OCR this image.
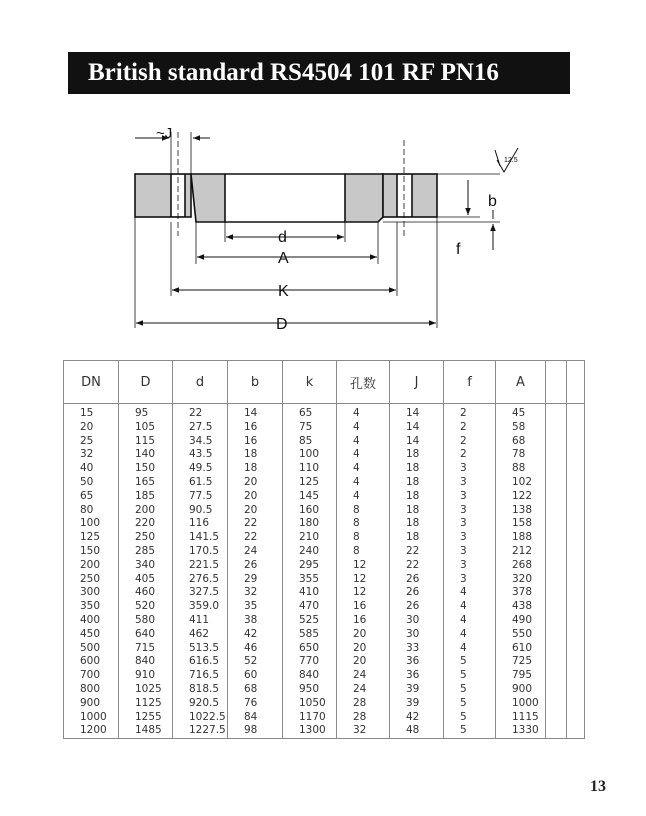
British standard RS4504 101 RF PN16
12.5
~J
b
f
d
A
K
D
DN	D	d	b	k	孔数	J	f	A		
15	95	22	14	65	4	14	2	45		
20	105	27.5	16	75	4	14	2	58		
25	115	34.5	16	85	4	14	2	68		
32	140	43.5	18	100	4	18	2	78		
40	150	49.5	18	110	4	18	3	88		
50	165	61.5	20	125	4	18	3	102		
65	185	77.5	20	145	4	18	3	122		
80	200	90.5	20	160	8	18	3	138		
100	220	116	22	180	8	18	3	158		
125	250	141.5	22	210	8	18	3	188		
150	285	170.5	24	240	8	22	3	212		
200	340	221.5	26	295	12	22	3	268		
250	405	276.5	29	355	12	26	3	320		
300	460	327.5	32	410	12	26	4	378		
350	520	359.0	35	470	16	26	4	438		
400	580	411	38	525	16	30	4	490		
450	640	462	42	585	20	30	4	550		
500	715	513.5	46	650	20	33	4	610		
600	840	616.5	52	770	20	36	5	725		
700	910	716.5	60	840	24	36	5	795		
800	1025	818.5	68	950	24	39	5	900		
900	1125	920.5	76	1050	28	39	5	1000		
1000	1255	1022.5	84	1170	28	42	5	1115		
1200	1485	1227.5	98	1300	32	48	5	1330		
13
